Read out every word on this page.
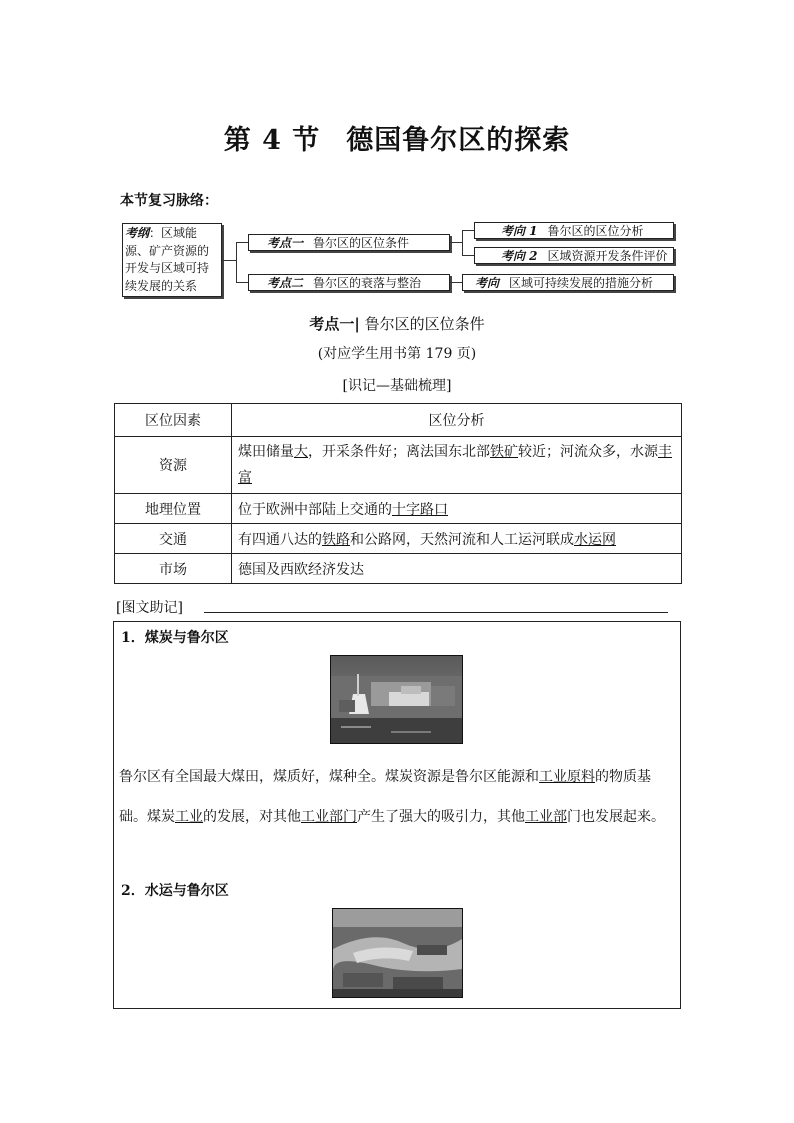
第 4 节 德国鲁尔区的探索
本节复习脉络：
考纲：区域能源、矿产资源的开发与区域可持续发展的关系
考点一 鲁尔区的区位条件
考点二 鲁尔区的衰落与整治
考向 1 鲁尔区的区位分析
考向 2 区域资源开发条件评价
考向 区域可持续发展的措施分析
考点一| 鲁尔区的区位条件
(对应学生用书第 179 页)
[识记—基础梳理]
区位因素	区位分析
资源	煤田储量大，开采条件好；离法国东北部铁矿较近；河流众多，水源丰富
地理位置	位于欧洲中部陆上交通的十字路口
交通	有四通八达的铁路和公路网，天然河流和人工运河联成水运网
市场	德国及西欧经济发达
[图文助记]
1．煤炭与鲁尔区
鲁尔区有全国最大煤田，煤质好，煤种全。煤炭资源是鲁尔区能源和工业原料的物质基础。煤炭工业的发展，对其他工业部门产生了强大的吸引力，其他工业部门也发展起来。
2．水运与鲁尔区
